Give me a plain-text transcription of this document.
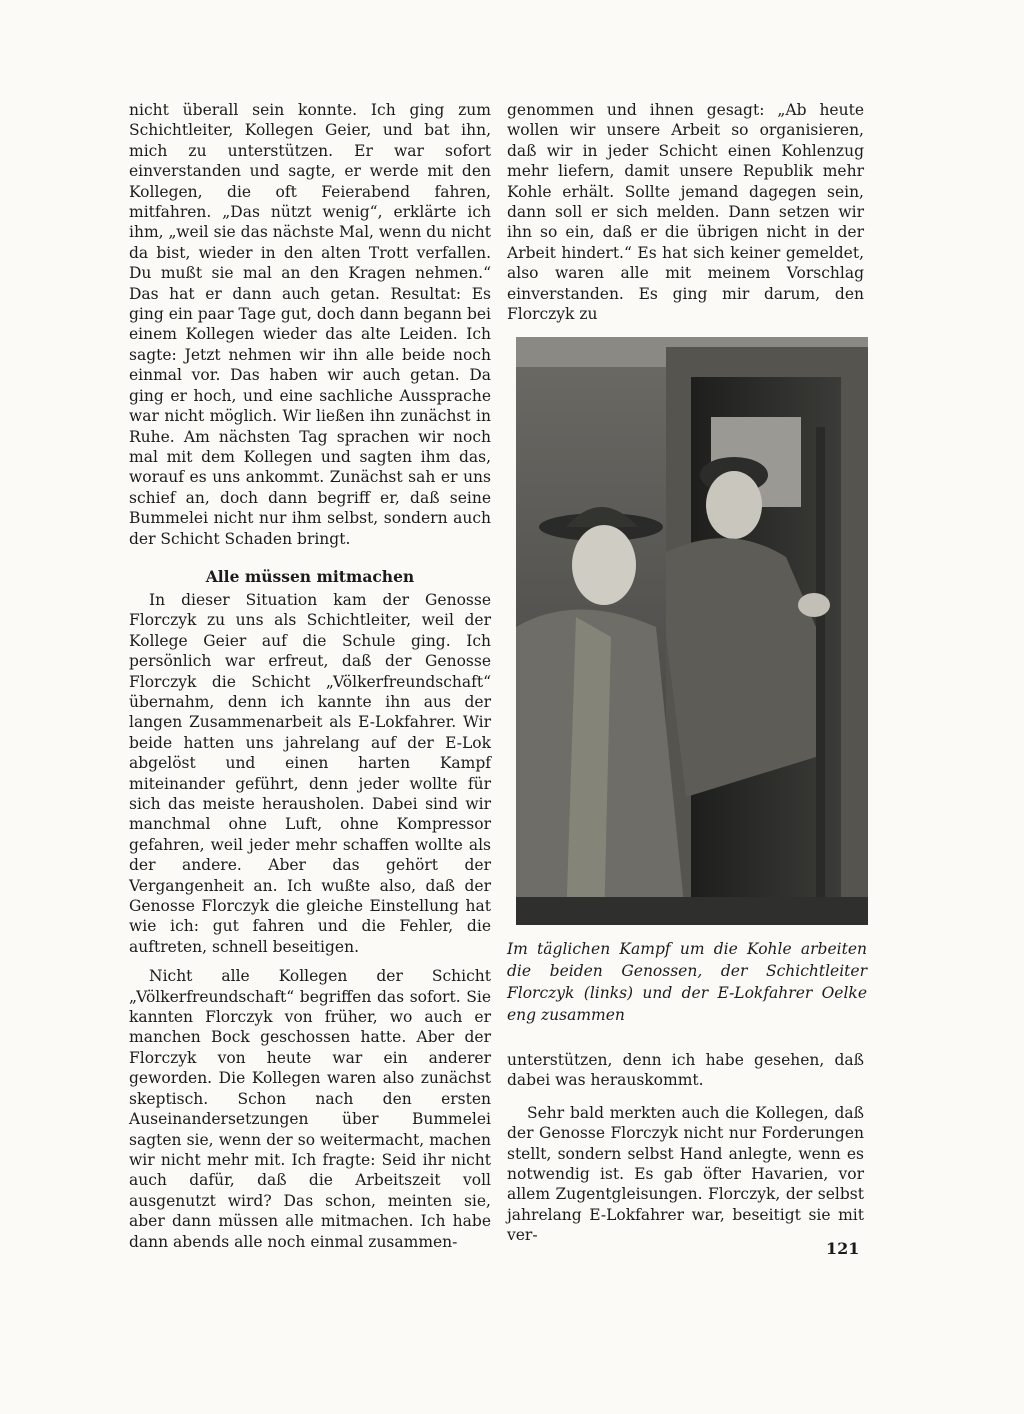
nicht überall sein konnte. Ich ging zum Schichtleiter, Kollegen Geier, und bat ihn, mich zu unterstützen. Er war sofort einverstanden und sagte, er werde mit den Kollegen, die oft Feierabend fahren, mitfahren. „Das nützt wenig“, erklärte ich ihm, „weil sie das nächste Mal, wenn du nicht da bist, wieder in den alten Trott verfallen. Du mußt sie mal an den Kragen nehmen.“ Das hat er dann auch getan. Resultat: Es ging ein paar Tage gut, doch dann begann bei einem Kollegen wieder das alte Leiden. Ich sagte: Jetzt nehmen wir ihn alle beide noch einmal vor. Das haben wir auch getan. Da ging er hoch, und eine sachliche Aussprache war nicht möglich. Wir ließen ihn zunächst in Ruhe. Am nächsten Tag sprachen wir noch mal mit dem Kollegen und sagten ihm das, worauf es uns ankommt. Zunächst sah er uns schief an, doch dann begriff er, daß seine Bummelei nicht nur ihm selbst, sondern auch der Schicht Schaden bringt.

Alle müssen mitmachen

In dieser Situation kam der Genosse Florczyk zu uns als Schichtleiter, weil der Kollege Geier auf die Schule ging. Ich persönlich war erfreut, daß der Genosse Florczyk die Schicht „Völkerfreundschaft“ übernahm, denn ich kannte ihn aus der langen Zusammenarbeit als E-Lokfahrer. Wir beide hatten uns jahrelang auf der E-Lok abgelöst und einen harten Kampf miteinander geführt, denn jeder wollte für sich das meiste herausholen. Dabei sind wir manchmal ohne Luft, ohne Kompressor gefahren, weil jeder mehr schaffen wollte als der andere. Aber das gehört der Vergangenheit an. Ich wußte also, daß der Genosse Florczyk die gleiche Einstellung hat wie ich: gut fahren und die Fehler, die auftreten, schnell beseitigen.

Nicht alle Kollegen der Schicht „Völkerfreundschaft“ begriffen das sofort. Sie kannten Florczyk von früher, wo auch er manchen Bock geschossen hatte. Aber der Florczyk von heute war ein anderer geworden. Die Kollegen waren also zunächst skeptisch. Schon nach den ersten Auseinandersetzungen über Bummelei sagten sie, wenn der so weitermacht, machen wir nicht mehr mit. Ich fragte: Seid ihr nicht auch dafür, daß die Arbeitszeit voll ausgenutzt wird? Das schon, meinten sie, aber dann müssen alle mitmachen. Ich habe dann abends alle noch einmal zusammen-

genommen und ihnen gesagt: „Ab heute wollen wir unsere Arbeit so organisieren, daß wir in jeder Schicht einen Kohlenzug mehr liefern, damit unsere Republik mehr Kohle erhält. Sollte jemand dagegen sein, dann soll er sich melden. Dann setzen wir ihn so ein, daß er die übrigen nicht in der Arbeit hindert.“ Es hat sich keiner gemeldet, also waren alle mit meinem Vorschlag einverstanden. Es ging mir darum, den Florczyk zu

Im täglichen Kampf um die Kohle arbeiten die beiden Genossen, der Schichtleiter Florczyk (links) und der E-Lokfahrer Oelke eng zusammen

unterstützen, denn ich habe gesehen, daß dabei was herauskommt.

Sehr bald merkten auch die Kollegen, daß der Genosse Florczyk nicht nur Forderungen stellt, sondern selbst Hand anlegte, wenn es notwendig ist. Es gab öfter Havarien, vor allem Zugentgleisungen. Florczyk, der selbst jahrelang E-Lokfahrer war, beseitigt sie mit ver-

121
